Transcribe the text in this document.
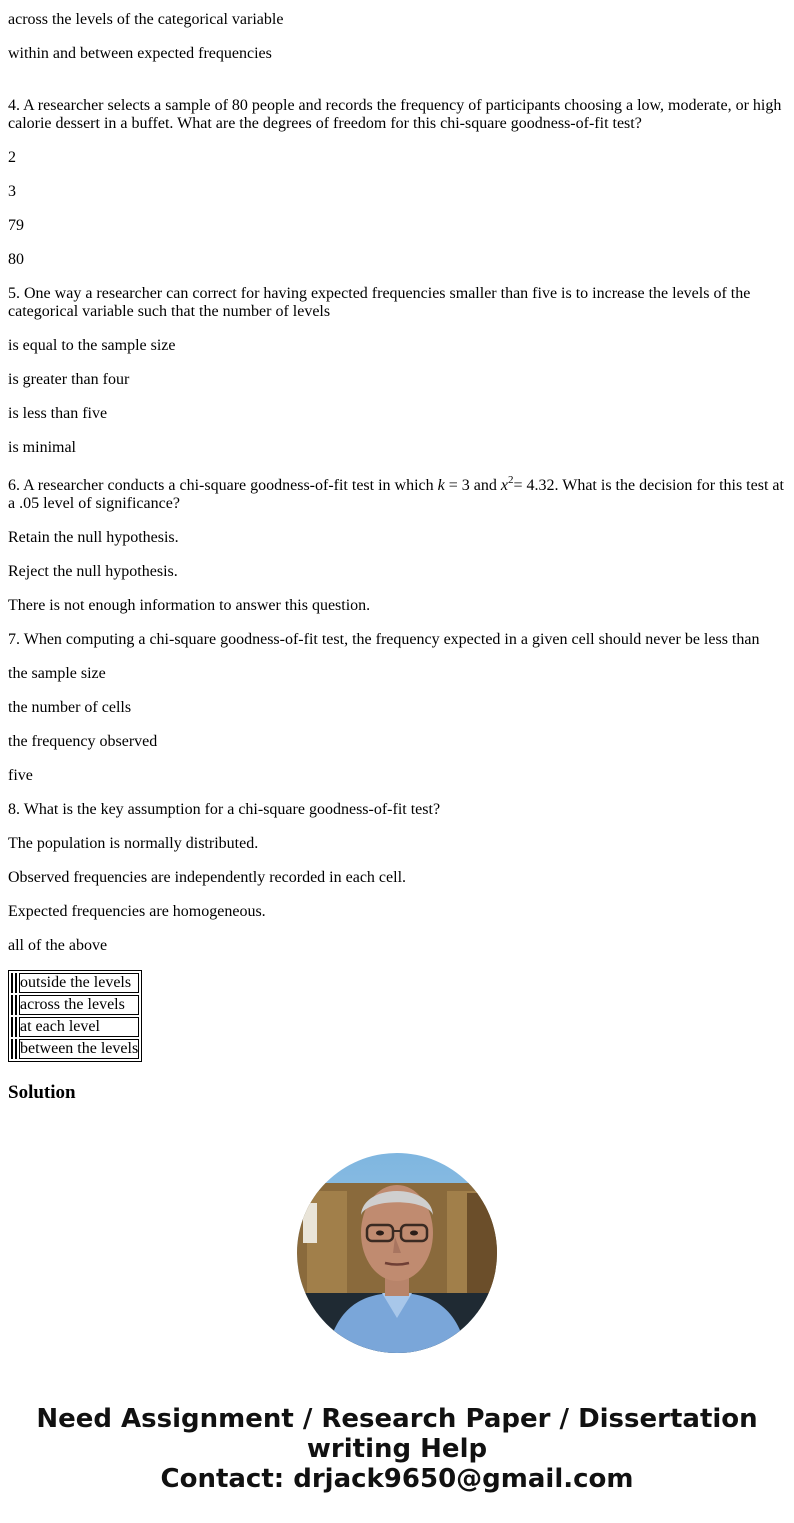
across the levels of the categorical variable

within and between expected frequencies

4. A researcher selects a sample of 80 people and records the frequency of participants choosing a low, moderate, or high calorie dessert in a buffet. What are the degrees of freedom for this chi-square goodness-of-fit test?

2

3

79

80

5. One way a researcher can correct for having expected frequencies smaller than five is to increase the levels of the categorical variable such that the number of levels

is equal to the sample size

is greater than four

is less than five

is minimal

6. A researcher conducts a chi-square goodness-of-fit test in which k = 3 and $x^2= 4.32$. What is the decision for this test at a .05 level of significance?

Retain the null hypothesis.

Reject the null hypothesis.

There is not enough information to answer this question.

7. When computing a chi-square goodness-of-fit test, the frequency expected in a given cell should never be less than

the sample size

the number of cells

the frequency observed

five

8. What is the key assumption for a chi-square goodness-of-fit test?

The population is normally distributed.

Observed frequencies are independently recorded in each cell.

Expected frequencies are homogeneous.

all of the above

		outside the levels
		across the levels
		at each level
		between the levels
Solution
Need Assignment / Research Paper / Dissertation
writing Help
Contact: drjack9650@gmail.com
